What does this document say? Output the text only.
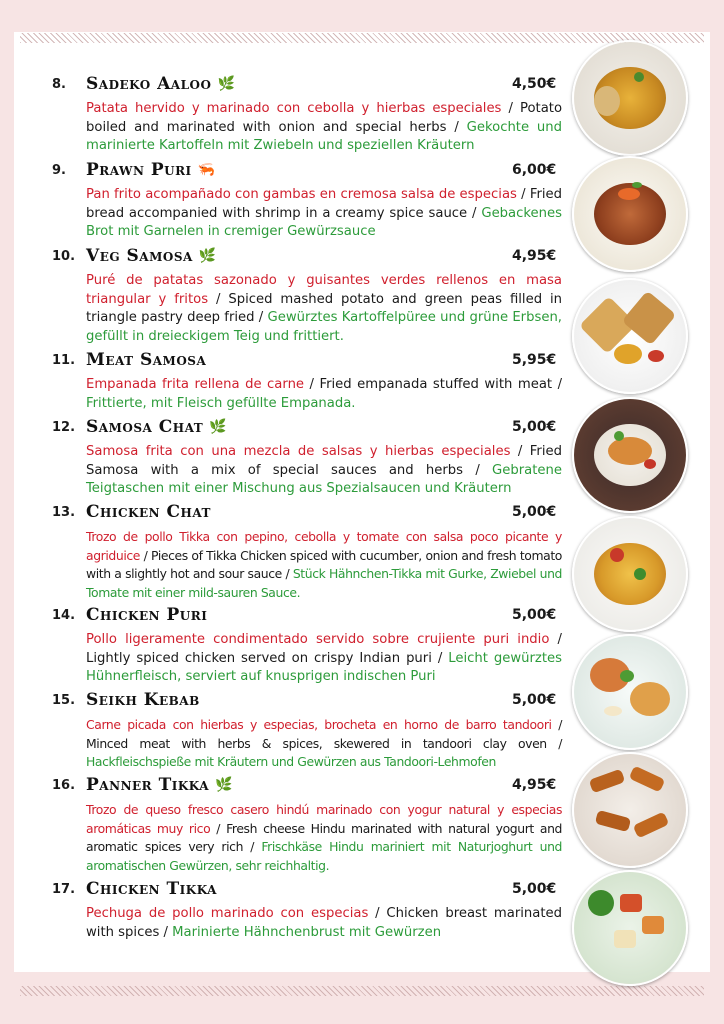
8. Sadeko Aaloo 🌿	4,50€
Patata hervido y marinado con cebolla y hierbas especiales / Potato boiled and marinated with onion and special herbs / Gekochte und marinierte Kartoffeln mit Zwiebeln und speziellen Kräutern
9. Prawn Puri 🦐	6,00€
Pan frito acompañado con gambas en cremosa salsa de especias / Fried bread accompanied with shrimp in a creamy spice sauce / Gebackenes Brot mit Garnelen in cremiger Gewürzsauce
10. Veg Samosa 🌿	4,95€
Puré de patatas sazonado y guisantes verdes rellenos en masa triangular y fritos / Spiced mashed potato and green peas filled in triangle pastry deep fried / Gewürztes Kartoffelpüree und grüne Erbsen, gefüllt in dreieckigem Teig und frittiert.
11. Meat Samosa	5,95€
Empanada frita rellena de carne / Fried empanada stuffed with meat / Frittierte, mit Fleisch gefüllte Empanada.
12. Samosa Chat 🌿	5,00€
Samosa frita con una mezcla de salsas y hierbas especiales / Fried Samosa with a mix of special sauces and herbs / Gebratene Teigtaschen mit einer Mischung aus Spezialsaucen und Kräutern
13. Chicken Chat	5,00€
Trozo de pollo Tikka con pepino, cebolla y tomate con salsa poco picante y agriduice / Pieces of Tikka Chicken spiced with cucumber, onion and fresh tomato with a slightly hot and sour sauce / Stück Hähnchen-Tikka mit Gurke, Zwiebel und Tomate mit einer mild-sauren Sauce.
14. Chicken Puri	5,00€
Pollo ligeramente condimentado servido sobre crujiente puri indio / Lightly spiced chicken served on crispy Indian puri / Leicht gewürztes Hühnerfleisch, serviert auf knusprigen indischen Puri
15. Seikh Kebab	5,00€
Carne picada con hierbas y especias, brocheta en horno de barro tandoori / Minced meat with herbs & spices, skewered in tandoori clay oven / Hackfleischspieße mit Kräutern und Gewürzen aus Tandoori-Lehmofen
16. Panner Tikka 🌿	4,95€
Trozo de queso fresco casero hindú marinado con yogur natural y especias aromáticas muy rico / Fresh cheese Hindu marinated with natural yogurt and aromatic spices very rich / Frischkäse Hindu mariniert mit Naturjoghurt und aromatischen Gewürzen, sehr reichhaltig.
17. Chicken Tikka	5,00€
Pechuga de pollo marinado con especias / Chicken breast marinated with spices / Marinierte Hähnchenbrust mit Gewürzen
